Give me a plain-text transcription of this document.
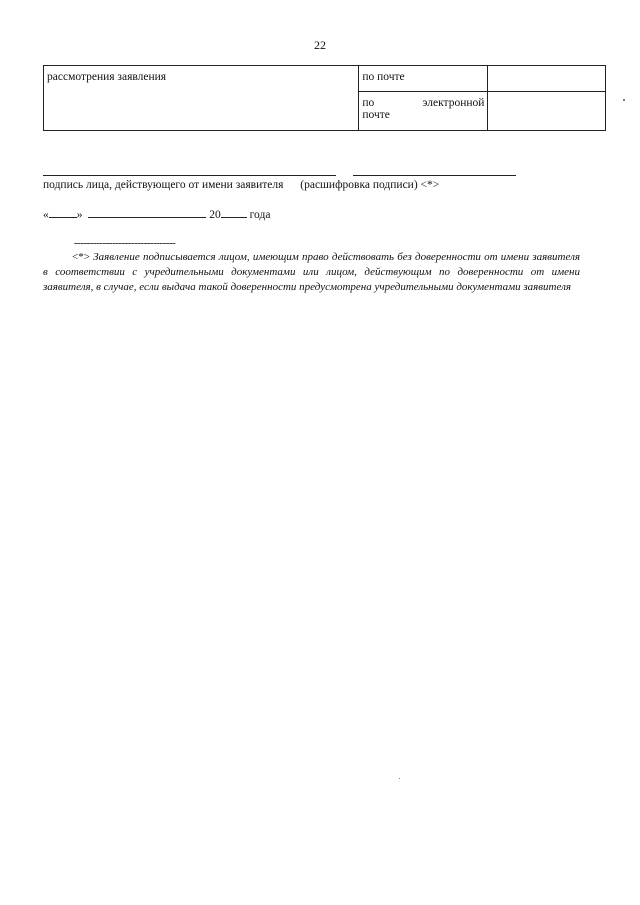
22
рассмотрения заявления	по почте	

	по электронной
почте	

подпись лица, действующего от имени заявителя (расшифровка подписи) <*>
« »	20	года
--------------------------------
<*> Заявление подписывается лицом, имеющим право действовать без доверенности от имени заявителя в соответствии с учредительными документами или лицом, действующим по доверенности от имени заявителя, в случае, если выдача такой доверенности предусмотрена учредительными документами заявителя
